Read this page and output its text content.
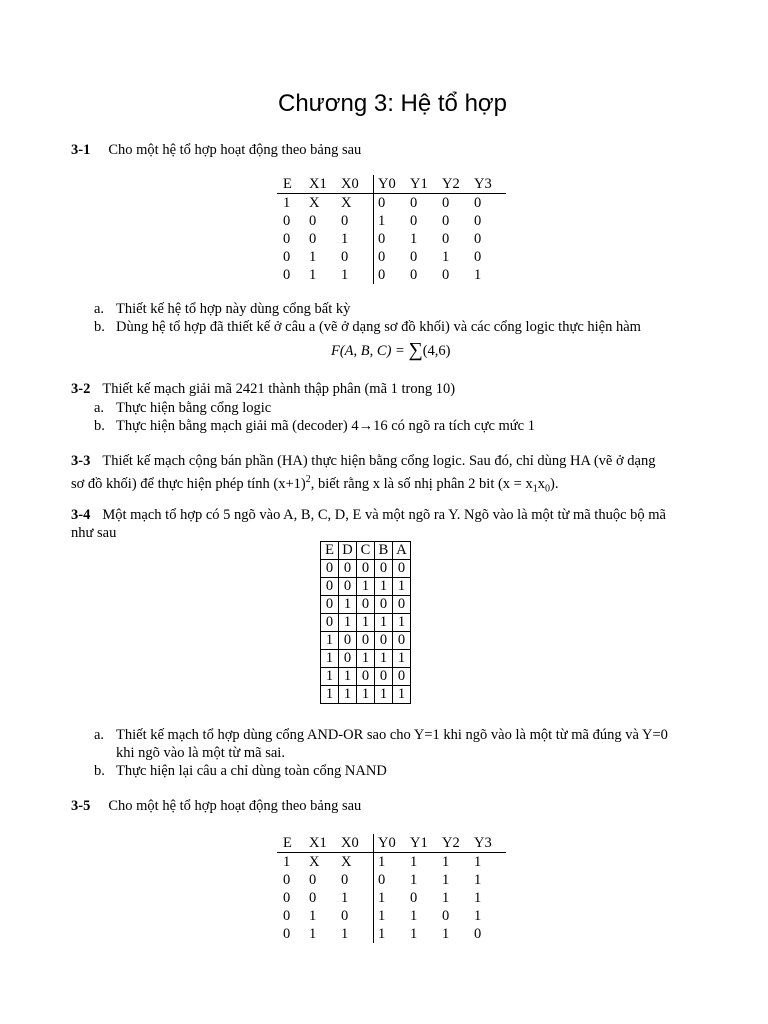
Chương 3: Hệ tổ hợp
3-1 Cho một hệ tổ hợp hoạt động theo bảng sau
E	X1	X0	Y0	Y1	Y2	Y3
1	X	X	0	0	0	0
0	0	0	1	0	0	0
0	0	1	0	1	0	0
0	1	0	0	0	1	0
0	1	1	0	0	0	1
a. Thiết kế hệ tổ hợp này dùng cổng bất kỳ
b. Dùng hệ tổ hợp đã thiết kế ở câu a (vẽ ở dạng sơ đồ khối) và các cổng logic thực hiện hàm
F(A, B, C) = ∑(4,6)
3-2 Thiết kế mạch giải mã 2421 thành thập phân (mã 1 trong 10)
a. Thực hiện bằng cổng logic
b. Thực hiện bằng mạch giải mã (decoder) 4→16 có ngõ ra tích cực mức 1
3-3 Thiết kế mạch cộng bán phần (HA) thực hiện bằng cổng logic. Sau đó, chỉ dùng HA (vẽ ở dạng
sơ đồ khối) để thực hiện phép tính $(x+1)^2$, biết rằng x là số nhị phân 2 bit $(x = x_1x_0)$.
3-4 Một mạch tổ hợp có 5 ngõ vào A, B, C, D, E và một ngõ ra Y. Ngõ vào là một từ mã thuộc bộ mã
như sau
E	D	C	B	A
0	0	0	0	0
0	0	1	1	1
0	1	0	0	0
0	1	1	1	1
1	0	0	0	0
1	0	1	1	1
1	1	0	0	0
1	1	1	1	1
a. Thiết kế mạch tổ hợp dùng cổng AND-OR sao cho Y=1 khi ngõ vào là một từ mã đúng và Y=0
khi ngõ vào là một từ mã sai.
b. Thực hiện lại câu a chỉ dùng toàn cổng NAND
3-5 Cho một hệ tổ hợp hoạt động theo bảng sau
E	X1	X0	Y0	Y1	Y2	Y3
1	X	X	1	1	1	1
0	0	0	0	1	1	1
0	0	1	1	0	1	1
0	1	0	1	1	0	1
0	1	1	1	1	1	0
